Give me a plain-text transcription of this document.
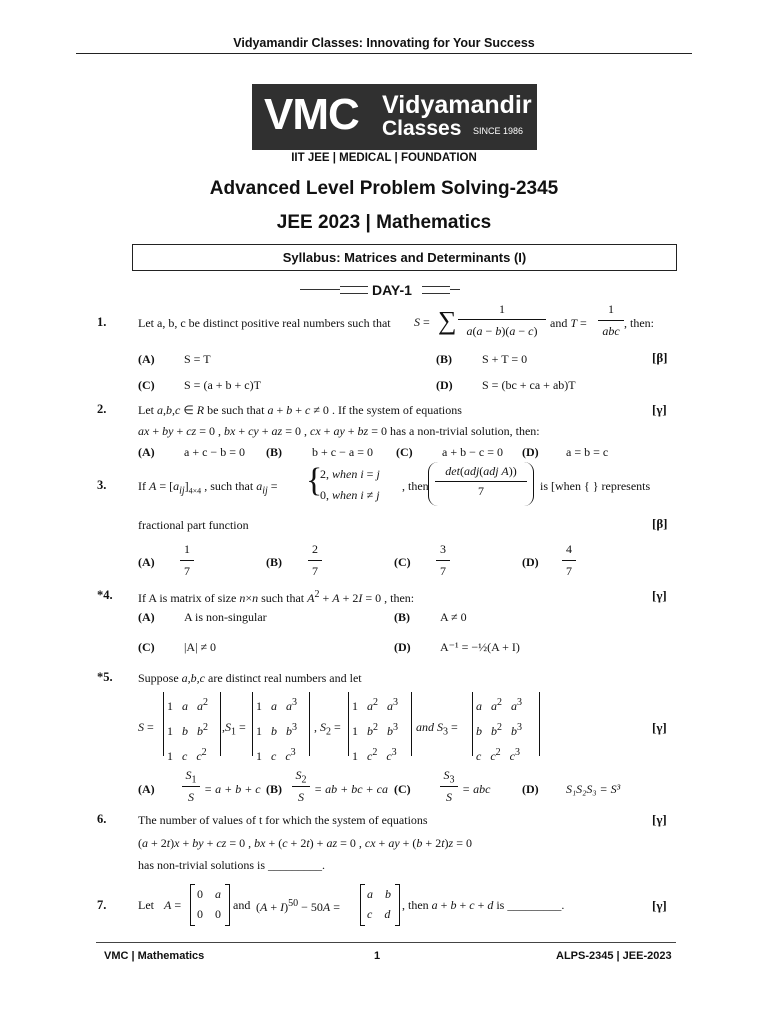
Vidyamandir Classes: Innovating for Your Success
VMC Vidyamandir
Classes SINCE 1986
IIT JEE | MEDICAL | FOUNDATION
Advanced Level Problem Solving-2345
JEE 2023 | Mathematics
Syllabus: Matrices and Determinants (I)
DAY-1
1.	Let a, b, c be distinct positive real numbers such that S = ∑	1
a(a − b)(a − c)
and T =
1
abc
, then:
(A) S = T	(B)	S + T = 0	[β]
(C) S = (a + b + c)T	(D) S = (bc + ca + ab)T
2.	Let a,b,c ∈ R be such that a + b + c ≠ 0 . If the system of equations	[γ]
ax + by + cz = 0 , bx + cy + az = 0 , cx + ay + bz = 0 has a non-trivial solution, then:
(A) a + c − b = 0 (B)	b + c − a = 0 (C) a + b − c = 0 (D) a = b = c
3.	If $A = [a_{ij}]_{4\times 4}$ , such that $a_{ij}$ = {
2, when i = j
0, when i ≠ j
, then
det(adj(adj A))
7	is [when { } represents
fractional part function	[β]
(A)
1
7
(B)
2
7
(C)
3
7
(D)
4
7
*4. If A is matrix of size n×n such that $A^2 + A + 2I = 0$ , then:	[γ]
(A) A is non-singular	(B)	A ≠ 0
(C) |A| ≠ 0	(D) A⁻¹ = −½(A + I)
*5. Suppose a,b,c are distinct real numbers and let
[γ]
S =
1   a $a^2$
1   b $b^2$
1   c $c^2$
$,S_1$ =
1   a $a^3$
1   b $b^3$
1   c $c^3$
, $S_2$ =
1   $a^2$ $a^3$
1   $b^2$ $b^3$
1   $c^2$ $c^3$
and $S_3$ =
a $a^2$ $a^3$
b $b^2$ $b^3$
c $c^2$ $c^3$
(A)
$S_1$
S
= a + b + c (B)
$S_2$
S
= ab + bc + ca (C)
$S_3$
S
= abc	(D) S₁S₂S₃ = S³
6.	The number of values of t for which the system of equations	[γ]
(a + 2t)x + by + cz = 0 , bx + (c + 2t) + az = 0 , cx + ay + (b + 2t)z = 0
has non-trivial solutions is _________.
7.	Let A =
0    a
0    0
and $(A + I)^{50} - 50A$ =
a b
c d
, then a + b + c + d is _________.	[γ]
VMC | Mathematics	1	ALPS-2345 | JEE-2023
